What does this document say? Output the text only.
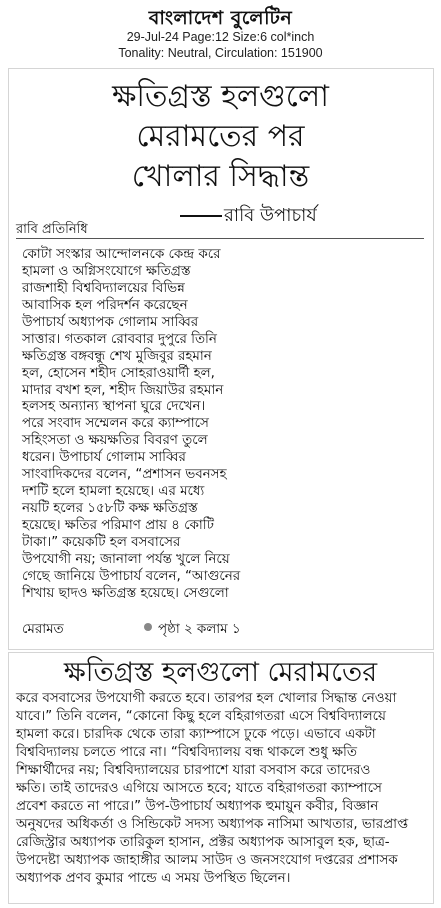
বাংলাদেশ বুলেটিন
29-Jul-24 Page:12 Size:6 col*inch
Tonality: Neutral, Circulation: 151900
ক্ষতিগ্রস্ত হলগুলো
মেরামতের পর
খোলার সিদ্ধান্ত
রাবি উপাচার্য
রাবি প্রতিনিধি
কোটা সংস্কার আন্দোলনকে কেন্দ্র করে
হামলা ও অগ্নিসংযোগে ক্ষতিগ্রস্ত
রাজশাহী বিশ্ববিদ্যালয়ের বিভিন্ন
আবাসিক হল পরিদর্শন করেছেন
উপাচার্য অধ্যাপক গোলাম সাব্বির
সাত্তার। গতকাল রোববার দুপুরে তিনি
ক্ষতিগ্রস্ত বঙ্গবন্ধু শেখ মুজিবুর রহমান
হল, হোসেন শহীদ সোহরাওয়ার্দী হল,
মাদার বখশ হল, শহীদ জিয়াউর রহমান
হলসহ অন্যান্য স্থাপনা ঘুরে দেখেন।
পরে সংবাদ সম্মেলন করে ক্যাম্পাসে
সহিংসতা ও ক্ষয়ক্ষতির বিবরণ তুলে
ধরেন। উপাচার্য গোলাম সাব্বির
সাংবাদিকদের বলেন, “প্রশাসন ভবনসহ
দশটি হলে হামলা হয়েছে। এর মধ্যে
নয়টি হলের ১৫৮টি কক্ষ ক্ষতিগ্রস্ত
হয়েছে। ক্ষতির পরিমাণ প্রায় ৪ কোটি
টাকা।” কয়েকটি হল বসবাসের
উপযোগী নয়; জানালা পর্যন্ত খুলে নিয়ে
গেছে জানিয়ে উপাচার্য বলেন, “আগুনের
শিখায় ছাদও ক্ষতিগ্রস্ত হয়েছে। সেগুলো
মেরামত	পৃষ্ঠা ২ কলাম ১
ক্ষতিগ্রস্ত হলগুলো মেরামতের
করে বসবাসের উপযোগী করতে হবে। তারপর হল খোলার সিদ্ধান্ত নেওয়া
যাবে।” তিনি বলেন, “কোনো কিছু হলে বহিরাগতরা এসে বিশ্ববিদ্যালয়ে
হামলা করে। চারদিক থেকে তারা ক্যাম্পাসে ঢুকে পড়ে। এভাবে একটা
বিশ্ববিদ্যালয় চলতে পারে না। “বিশ্ববিদ্যালয় বন্ধ থাকলে শুধু ক্ষতি
শিক্ষার্থীদের নয়; বিশ্ববিদ্যালয়ের চারপাশে যারা বসবাস করে তাদেরও
ক্ষতি। তাই তাদেরও এগিয়ে আসতে হবে; যাতে বহিরাগতরা ক্যাম্পাসে
প্রবেশ করতে না পারে।” উপ-উপাচার্য অধ্যাপক হুমায়ুন কবীর, বিজ্ঞান
অনুষদের অধিকর্তা ও সিন্ডিকেট সদস্য অধ্যাপক নাসিমা আখতার, ভারপ্রাপ্ত
রেজিস্ট্রার অধ্যাপক তারিকুল হাসান, প্রক্টর অধ্যাপক আসাবুল হক, ছাত্র-
উপদেষ্টা অধ্যাপক জাহাঙ্গীর আলম সাউদ ও জনসংযোগ দপ্তরের প্রশাসক
অধ্যাপক প্রণব কুমার পান্ডে এ সময় উপস্থিত ছিলেন।
